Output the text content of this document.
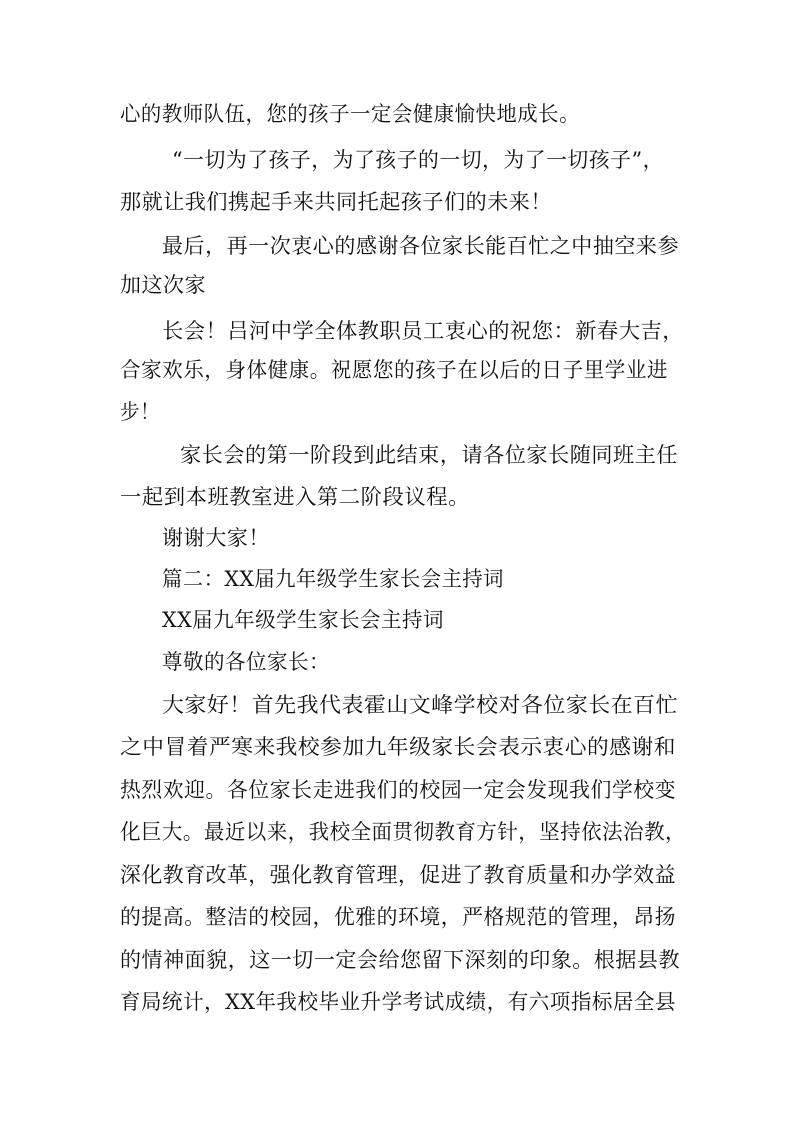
心的教师队伍，您的孩子一定会健康愉快地成长。
“一切为了孩子，为了孩子的一切，为了一切孩子”，
那就让我们携起手来共同托起孩子们的未来！
最后，再一次衷心的感谢各位家长能百忙之中抽空来参
加这次家
长会！吕河中学全体教职员工衷心的祝您：新春大吉，
合家欢乐，身体健康。祝愿您的孩子在以后的日子里学业进
步！
家长会的第一阶段到此结束，请各位家长随同班主任
一起到本班教室进入第二阶段议程。
谢谢大家！
篇二：XX届九年级学生家长会主持词
XX届九年级学生家长会主持词
尊敬的各位家长：
大家好！首先我代表霍山文峰学校对各位家长在百忙
之中冒着严寒来我校参加九年级家长会表示衷心的感谢和
热烈欢迎。各位家长走进我们的校园一定会发现我们学校变
化巨大。最近以来，我校全面贯彻教育方针，坚持依法治教，
深化教育改革，强化教育管理，促进了教育质量和办学效益
的提高。整洁的校园，优雅的环境，严格规范的管理，昂扬
的情神面貌，这一切一定会给您留下深刻的印象。根据县教
育局统计，XX年我校毕业升学考试成绩，有六项指标居全县
